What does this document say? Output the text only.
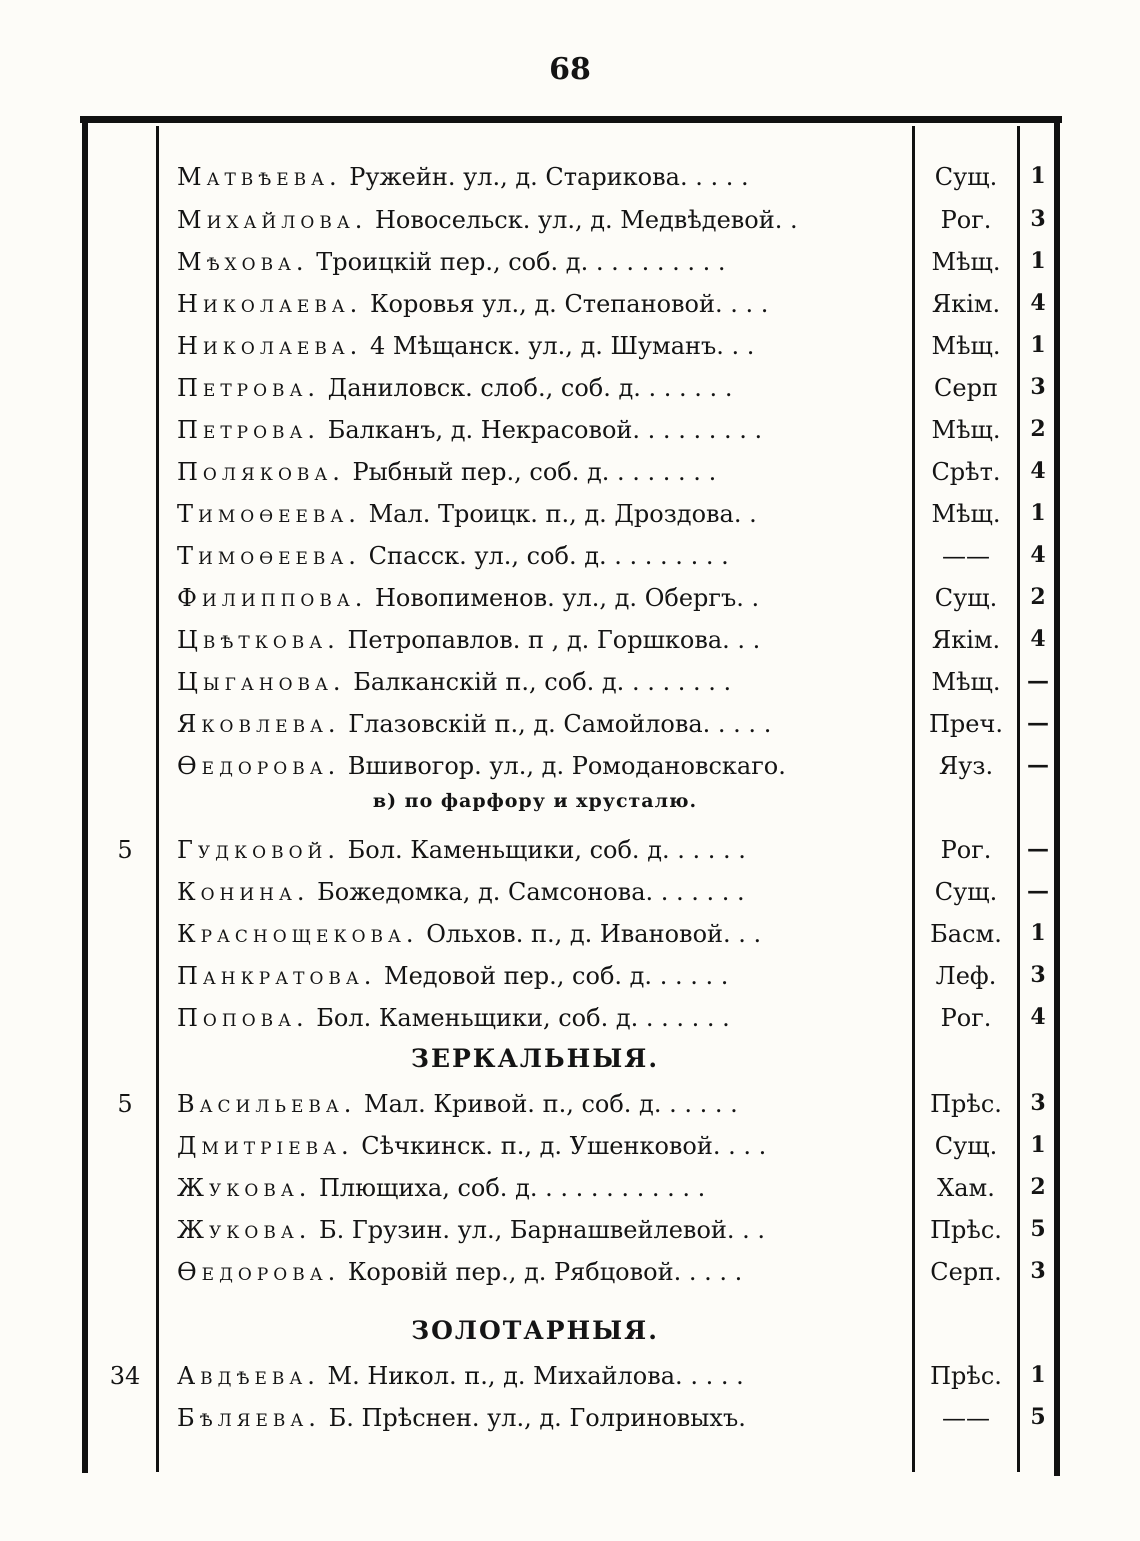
68
Матвѣева. Ружейн. ул., д. Старикова. . . . .	Сущ.	1
Михайлова. Новосельск. ул., д. Медвѣдевой. .	Рог.	3
Мѣхова. Троицкій пер., соб. д. . . . . . . . . .	Мѣщ.	1
Николаева. Коровья ул., д. Степановой. . . .	Якім.	4
Николаева. 4 Мѣщанск. ул., д. Шуманъ. . .	Мѣщ.	1
Петрова. Даниловск. слоб., соб. д. . . . . . .	Серп	3
Петрова. Балканъ, д. Некрасовой. . . . . . . . .	Мѣщ.	2
Полякова. Рыбный пер., соб. д. . . . . . . .	Срѣт.	4
Тимоѳеева. Мал. Троицк. п., д. Дроздова. .	Мѣщ.	1
Тимоѳеева. Спасск. ул., соб. д. . . . . . . . .	——	4
Филиппова. Новопименов. ул., д. Обергъ. .	Сущ.	2
Цвѣткова. Петропавлов. п , д. Горшкова. . .	Якім.	4
Цыганова. Балканскій п., соб. д. . . . . . . .	Мѣщ.	—
Яковлева. Глазовскій п., д. Самойлова. . . . .	Преч.	—
Ѳедорова. Вшивогор. ул., д. Ромодановскаго.	Яуз.	—
в) по фарфору и хрусталю.
5	Гудковой. Бол. Каменьщики, соб. д. . . . . .	Рог.	—
Конина. Божедомка, д. Самсонова. . . . . . .	Сущ.	—
Краснощекова. Ольхов. п., д. Ивановой. . .	Басм.	1
Панкратова. Медовой пер., соб. д. . . . . .	Леф.	3
Попова. Бол. Каменьщики, соб. д. . . . . . .	Рог.	4
ЗЕРКАЛЬНЫЯ.
5	Васильева. Мал. Кривой. п., соб. д. . . . . .	Прѣс.	3
Дмитріева. Сѣчкинск. п., д. Ушенковой. . . .	Сущ.	1
Жукова. Плющиха, соб. д. . . . . . . . . . . .	Хам.	2
Жукова. Б. Грузин. ул., Барнашвейлевой. . .	Прѣс.	5
Ѳедорова. Коровій пер., д. Рябцовой. . . . .	Серп.	3
ЗОЛОТАРНЫЯ.
34	Авдѣева. М. Никол. п., д. Михайлова. . . . .	Прѣс.	1
Бѣляева. Б. Прѣснен. ул., д. Голриновыхъ.	——	5
